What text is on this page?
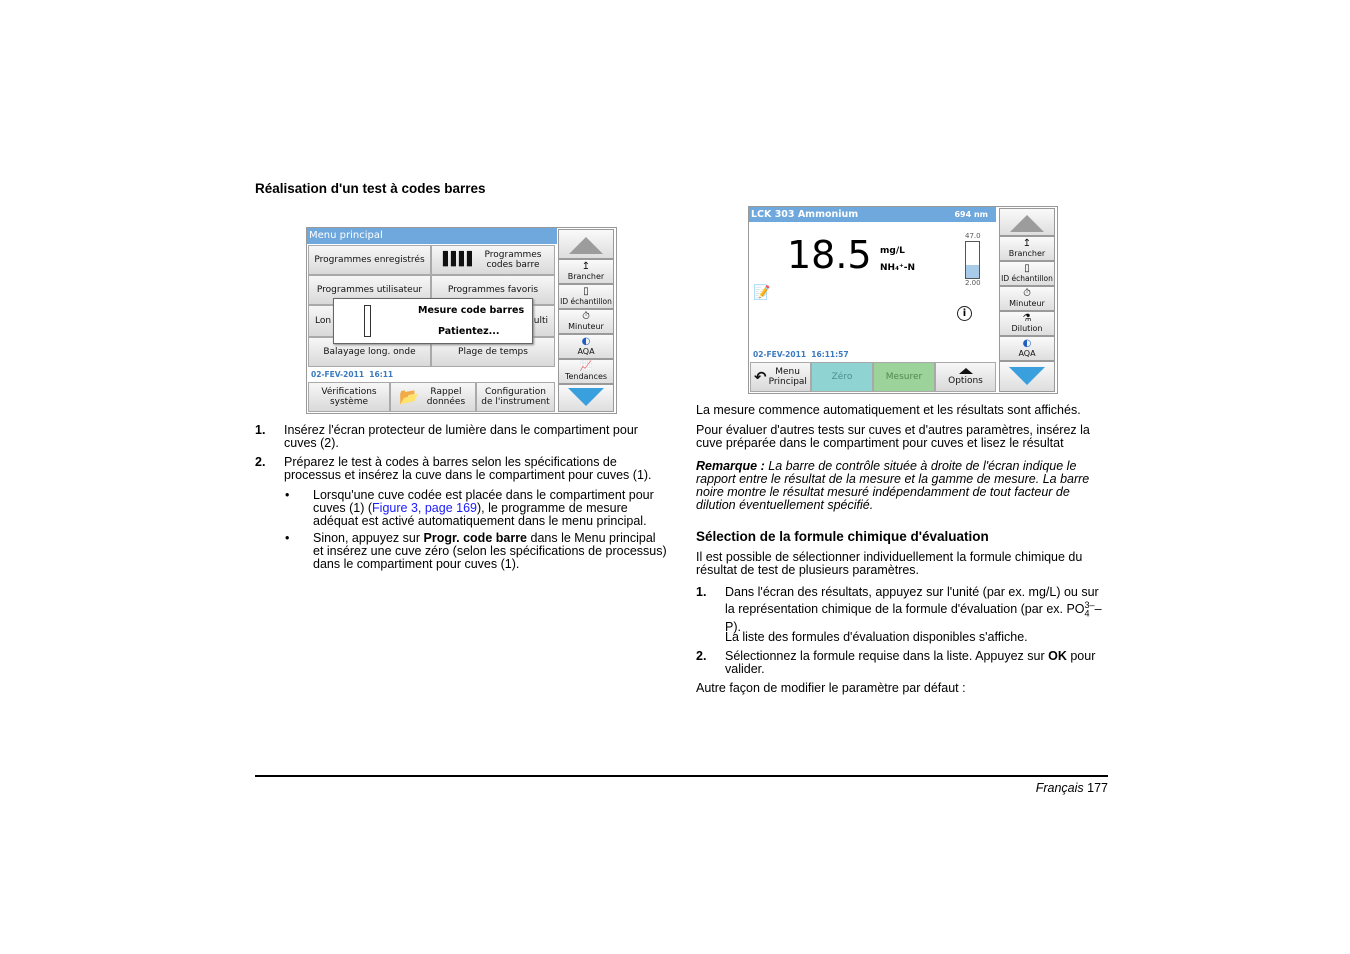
Réalisation d'un test à codes barres
Menu principal
Programmes enregistrés ▌▌▌▌ Programmes codes barre
Programmes utilisateur	Programmes favoris
Lon	ulti
Balayage long. onde	Plage de temps
Mesure code barres
Patientez...
02-FEV-2011  16:11
Vérifications système	📂	Rappel données
Configuration de l'instrument
↥
Brancher
▯
ID échantillon
⏱
Minuteur
◐
AQA
📈
Tendances
1. Insérez l'écran protecteur de lumière dans le compartiment pour cuves (2).
2. Préparez le test à codes à barres selon les spécifications de processus et insérez la cuve dans le compartiment pour cuves (1).
• Lorsqu'une cuve codée est placée dans le compartiment pour cuves (1) (Figure 3, page 169), le programme de mesure adéquat est activé automatiquement dans le menu principal.
• Sinon, appuyez sur Progr. code barre dans le Menu principal et insérez une cuve zéro (selon les spécifications de processus) dans le compartiment pour cuves (1).
LCK 303 Ammonium	694 nm
18.5 mg/L
NH₄⁺-N
47.0
2.00
📝
i
02-FEV-2011  16:11:57
↶ Menu Principal	Zéro	Mesurer	Options
↥
Brancher
▯
ID échantillon
⏱
Minuteur
⚗
Dilution
◐
AQA
La mesure commence automatiquement et les résultats sont affichés.
Pour évaluer d'autres tests sur cuves et d'autres paramètres, insérez la cuve préparée dans le compartiment pour cuves et lisez le résultat
Remarque : La barre de contrôle située à droite de l'écran indique le rapport entre le résultat de la mesure et la gamme de mesure. La barre noire montre le résultat mesuré indépendamment de tout facteur de dilution éventuellement spécifié.
Sélection de la formule chimique d'évaluation
Il est possible de sélectionner individuellement la formule chimique du résultat de test de plusieurs paramètres.
1. Dans l'écran des résultats, appuyez sur l'unité (par ex. mg/L) ou sur la représentation chimique de la formule d'évaluation (par ex. $PO_4^{3-}-P$).
La liste des formules d'évaluation disponibles s'affiche.
2. Sélectionnez la formule requise dans la liste. Appuyez sur OK pour valider.
Autre façon de modifier le paramètre par défaut :
Français 177
